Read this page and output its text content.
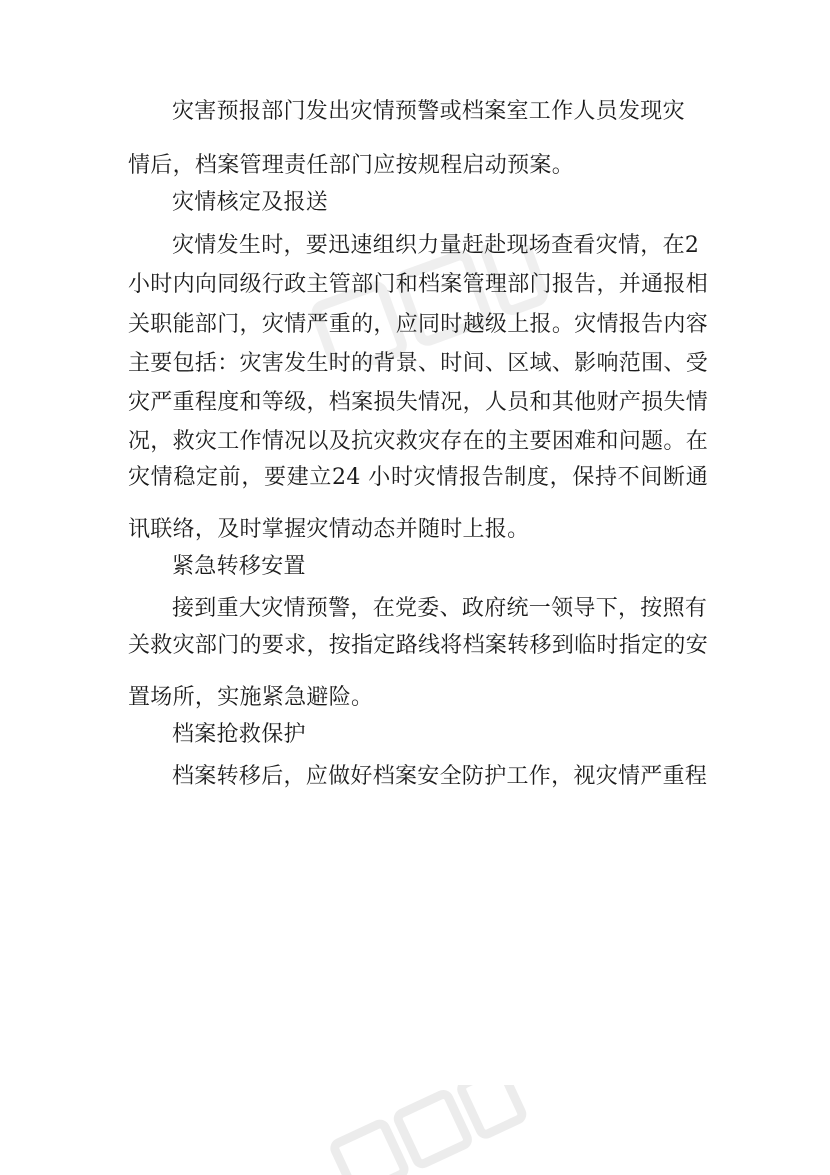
灾害预报部门发出灾情预警或档案室工作人员发现灾
情后，档案管理责任部门应按规程启动预案。
灾情核定及报送
灾情发生时，要迅速组织力量赶赴现场查看灾情，在2
小时内向同级行政主管部门和档案管理部门报告，并通报相
关职能部门，灾情严重的，应同时越级上报。灾情报告内容
主要包括：灾害发生时的背景、时间、区域、影响范围、受
灾严重程度和等级，档案损失情况，人员和其他财产损失情
况，救灾工作情况以及抗灾救灾存在的主要困难和问题。在
灾情稳定前，要建立24 小时灾情报告制度，保持不间断通
讯联络，及时掌握灾情动态并随时上报。
紧急转移安置
接到重大灾情预警，在党委、政府统一领导下，按照有
关救灾部门的要求，按指定路线将档案转移到临时指定的安
置场所，实施紧急避险。
档案抢救保护
档案转移后，应做好档案安全防护工作，视灾情严重程
